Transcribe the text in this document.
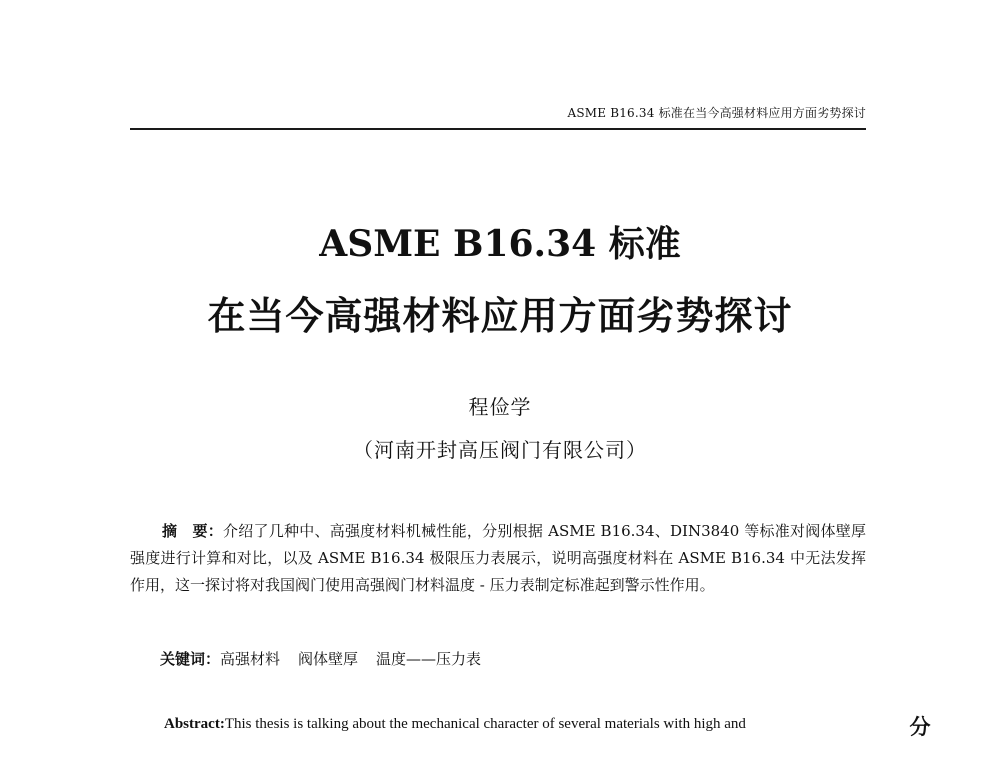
ASME B16.34 标准在当今高强材料应用方面劣势探讨
ASME B16.34 标准
在当今高强材料应用方面劣势探讨
程俭学
（河南开封高压阀门有限公司）
摘　要：介绍了几种中、高强度材料机械性能，分别根据 ASME B16.34、DIN3840 等标准对阀体壁厚强度进行计算和对比，以及 ASME B16.34 极限压力表展示，说明高强度材料在 ASME B16.34 中无法发挥作用，这一探讨将对我国阀门使用高强阀门材料温度 - 压力表制定标准起到警示性作用。
关键词：高强材料 阀体壁厚 温度——压力表
Abstract:This thesis is talking about the mechanical character of several materials with high and	分
